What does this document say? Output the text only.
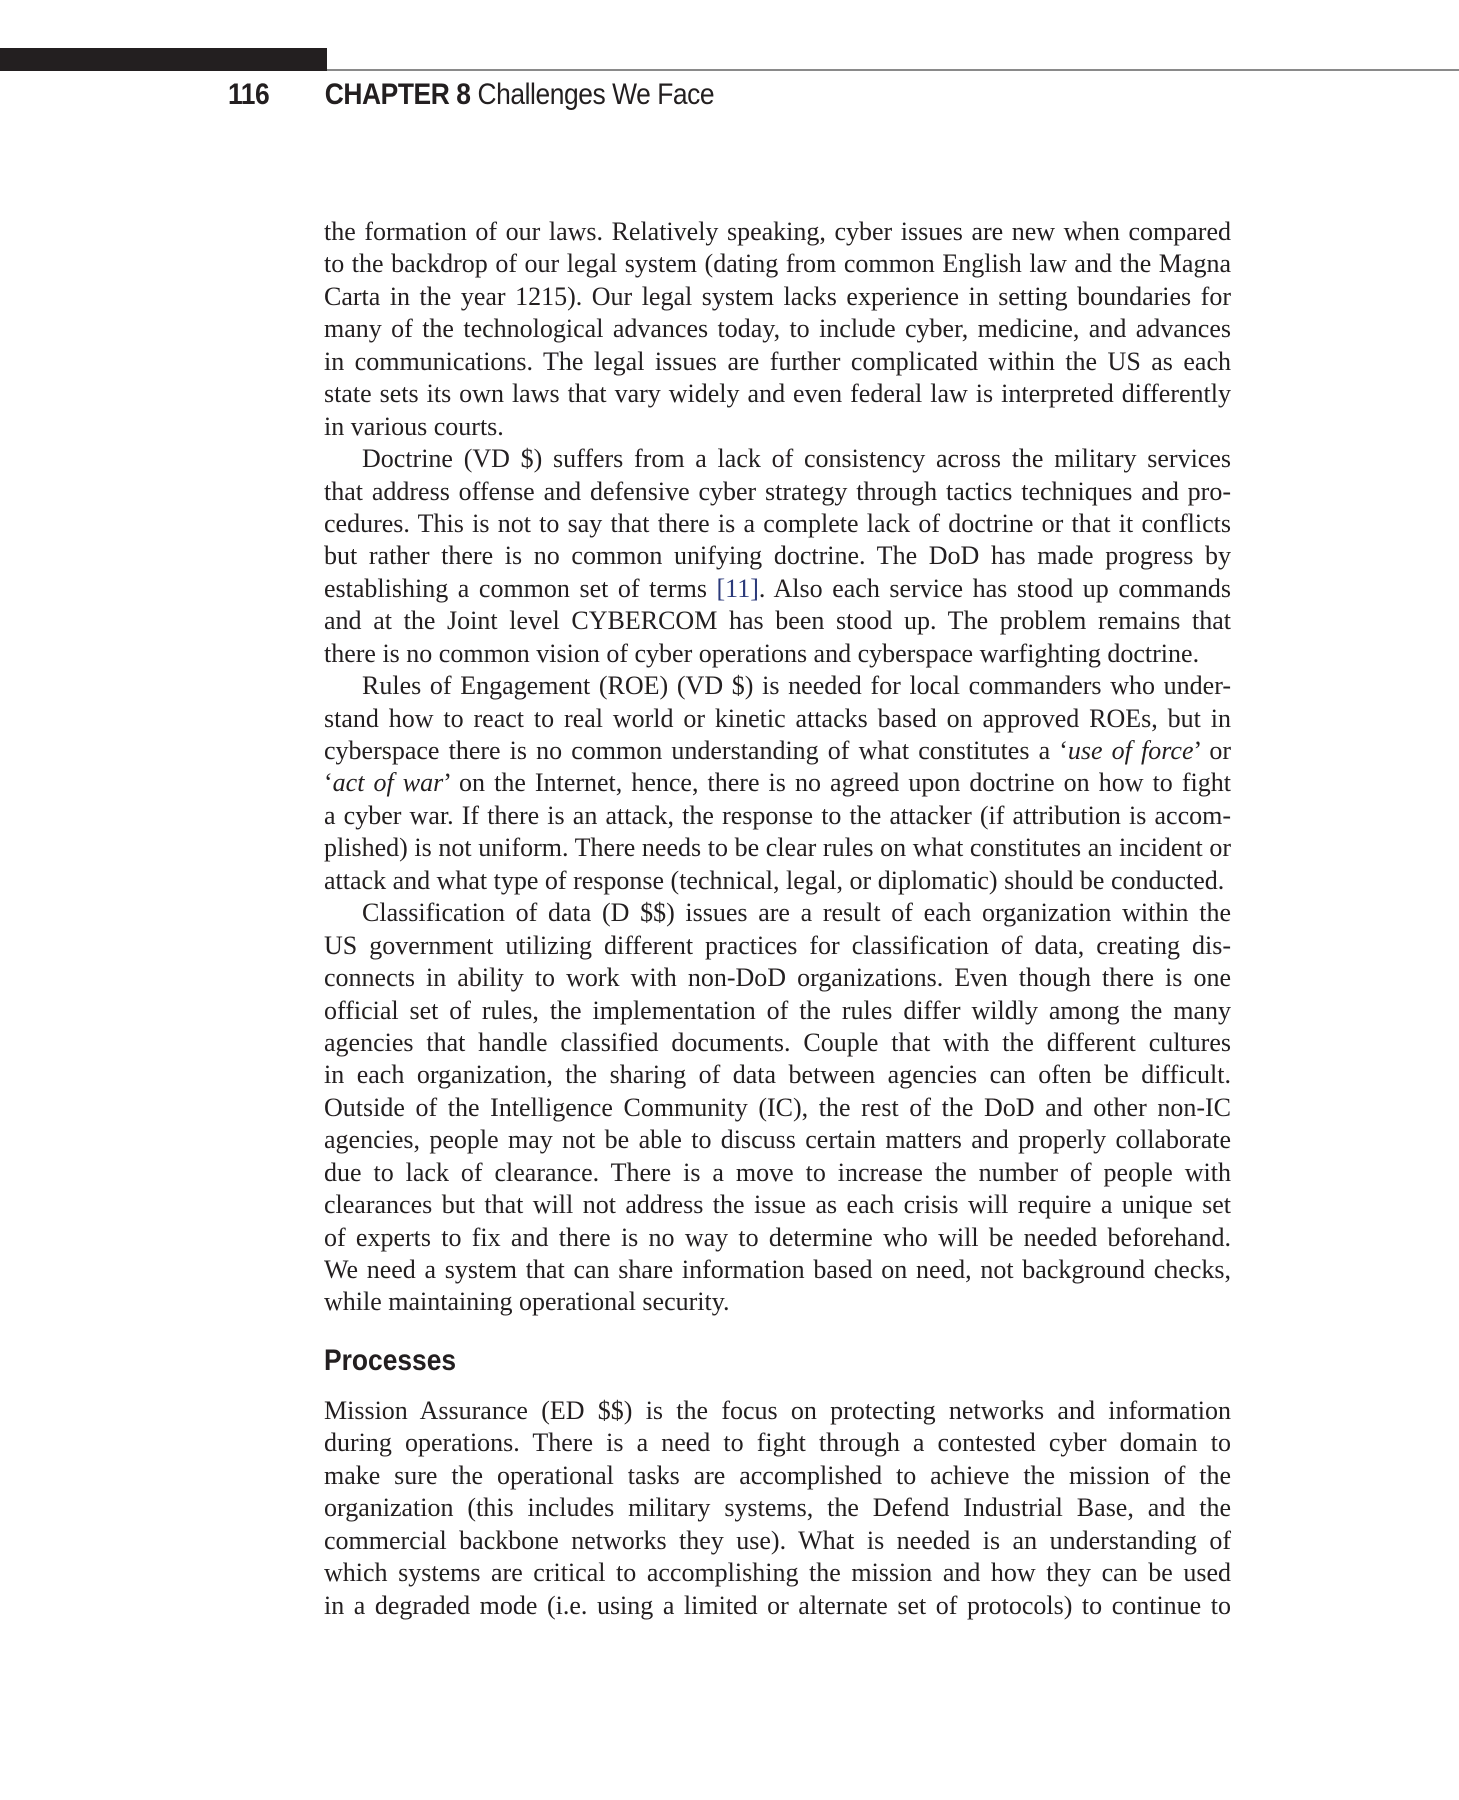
116 CHAPTER 8 Challenges We Face
the formation of our laws. Relatively speaking, cyber issues are new when compared
to the backdrop of our legal system (dating from common English law and the Magna
Carta in the year 1215). Our legal system lacks experience in setting boundaries for
many of the technological advances today, to include cyber, medicine, and advances
in communications. The legal issues are further complicated within the US as each
state sets its own laws that vary widely and even federal law is interpreted differently
in various courts.
Doctrine (VD $) suffers from a lack of consistency across the military services
that address offense and defensive cyber strategy through tactics techniques and pro-
cedures. This is not to say that there is a complete lack of doctrine or that it conflicts
but rather there is no common unifying doctrine. The DoD has made progress by
establishing a common set of terms [11]. Also each service has stood up commands
and at the Joint level CYBERCOM has been stood up. The problem remains that
there is no common vision of cyber operations and cyberspace warfighting doctrine.
Rules of Engagement (ROE) (VD $) is needed for local commanders who under-
stand how to react to real world or kinetic attacks based on approved ROEs, but in
cyberspace there is no common understanding of what constitutes a ‘use of force’ or
‘act of war’ on the Internet, hence, there is no agreed upon doctrine on how to fight
a cyber war. If there is an attack, the response to the attacker (if attribution is accom-
plished) is not uniform. There needs to be clear rules on what constitutes an incident or
attack and what type of response (technical, legal, or diplomatic) should be conducted.
Classification of data (D $$) issues are a result of each organization within the
US government utilizing different practices for classification of data, creating dis-
connects in ability to work with non-DoD organizations. Even though there is one
official set of rules, the implementation of the rules differ wildly among the many
agencies that handle classified documents. Couple that with the different cultures
in each organization, the sharing of data between agencies can often be difficult.
Outside of the Intelligence Community (IC), the rest of the DoD and other non-IC
agencies, people may not be able to discuss certain matters and properly collaborate
due to lack of clearance. There is a move to increase the number of people with
clearances but that will not address the issue as each crisis will require a unique set
of experts to fix and there is no way to determine who will be needed beforehand.
We need a system that can share information based on need, not background checks,
while maintaining operational security.
Processes
Mission Assurance (ED $$) is the focus on protecting networks and information
during operations. There is a need to fight through a contested cyber domain to
make sure the operational tasks are accomplished to achieve the mission of the
organization (this includes military systems, the Defend Industrial Base, and the
commercial backbone networks they use). What is needed is an understanding of
which systems are critical to accomplishing the mission and how they can be used
in a degraded mode (i.e. using a limited or alternate set of protocols) to continue to
